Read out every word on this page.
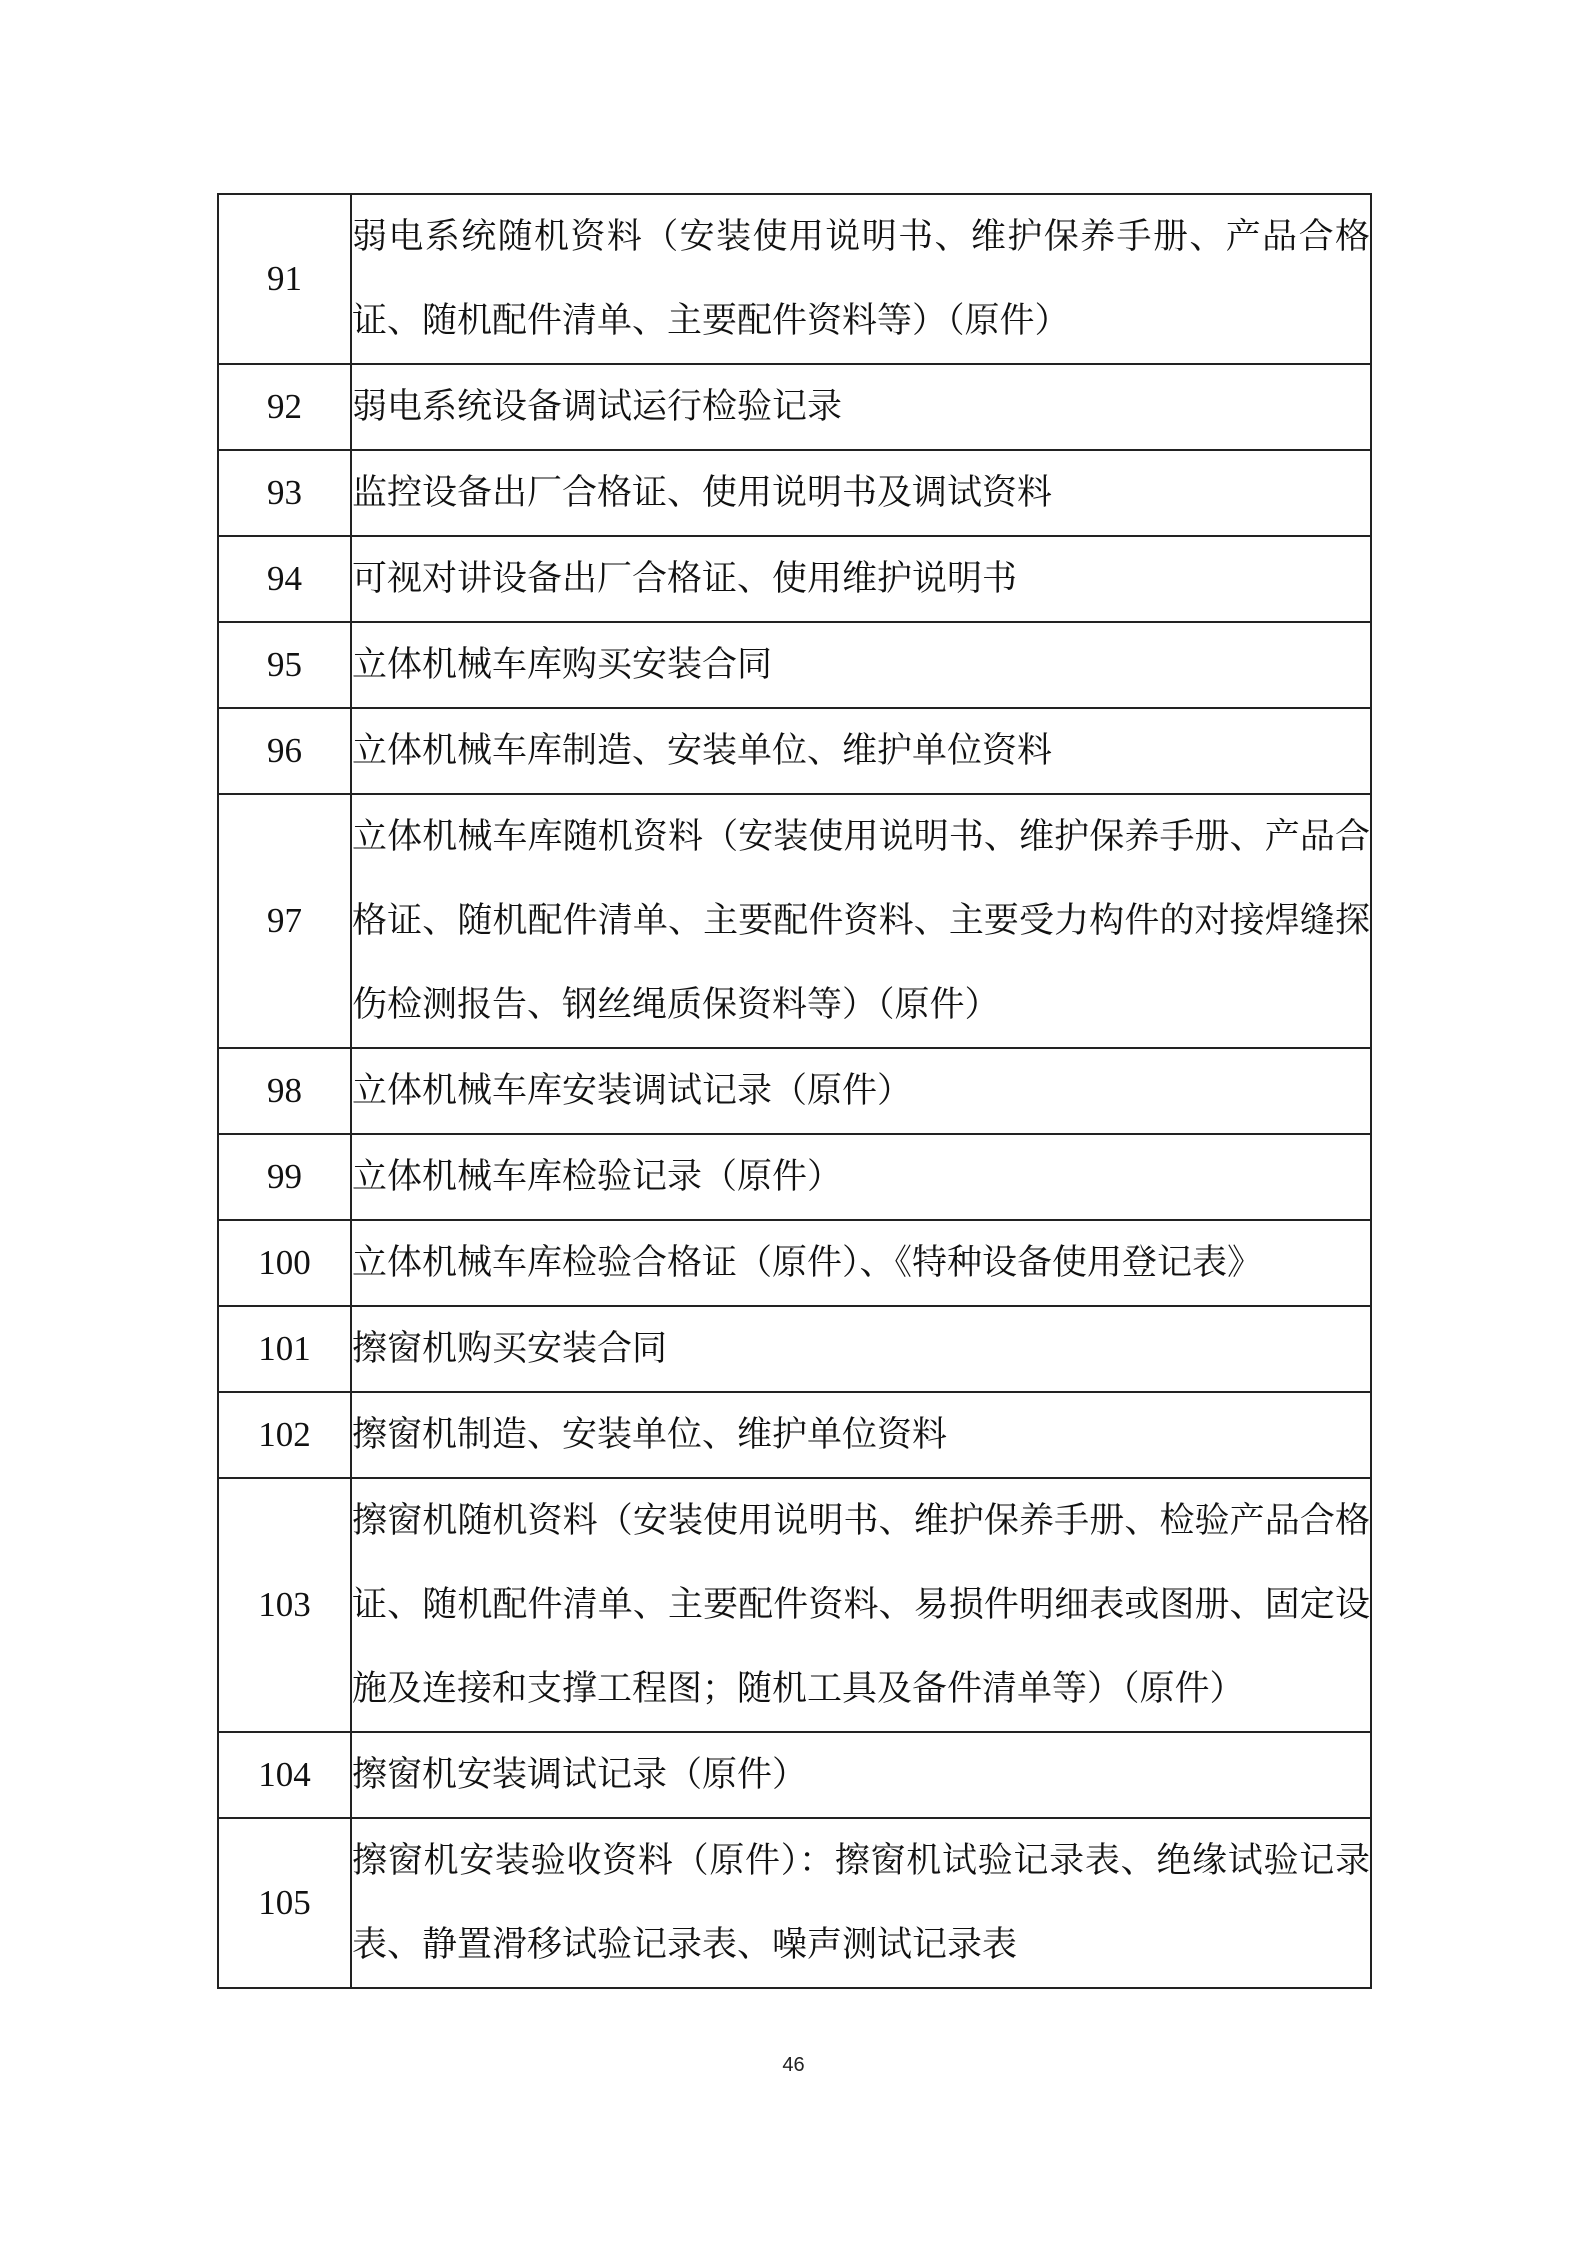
91	弱电系统随机资料（安装使用说明书、维护保养手册、产品合格证、随机配件清单、主要配件资料等）（原件）
92	弱电系统设备调试运行检验记录
93	监控设备出厂合格证、使用说明书及调试资料
94	可视对讲设备出厂合格证、使用维护说明书
95	立体机械车库购买安装合同
96	立体机械车库制造、安装单位、维护单位资料
97	立体机械车库随机资料（安装使用说明书、维护保养手册、产品合格证、随机配件清单、主要配件资料、主要受力构件的对接焊缝探伤检测报告、钢丝绳质保资料等）（原件）
98	立体机械车库安装调试记录（原件）
99	立体机械车库检验记录（原件）
100	立体机械车库检验合格证（原件）、《特种设备使用登记表》
101	擦窗机购买安装合同
102	擦窗机制造、安装单位、维护单位资料
103	擦窗机随机资料（安装使用说明书、维护保养手册、检验产品合格证、随机配件清单、主要配件资料、易损件明细表或图册、固定设施及连接和支撑工程图；随机工具及备件清单等）（原件）
104	擦窗机安装调试记录（原件）
105	擦窗机安装验收资料（原件）：擦窗机试验记录表、绝缘试验记录表、静置滑移试验记录表、噪声测试记录表
46
